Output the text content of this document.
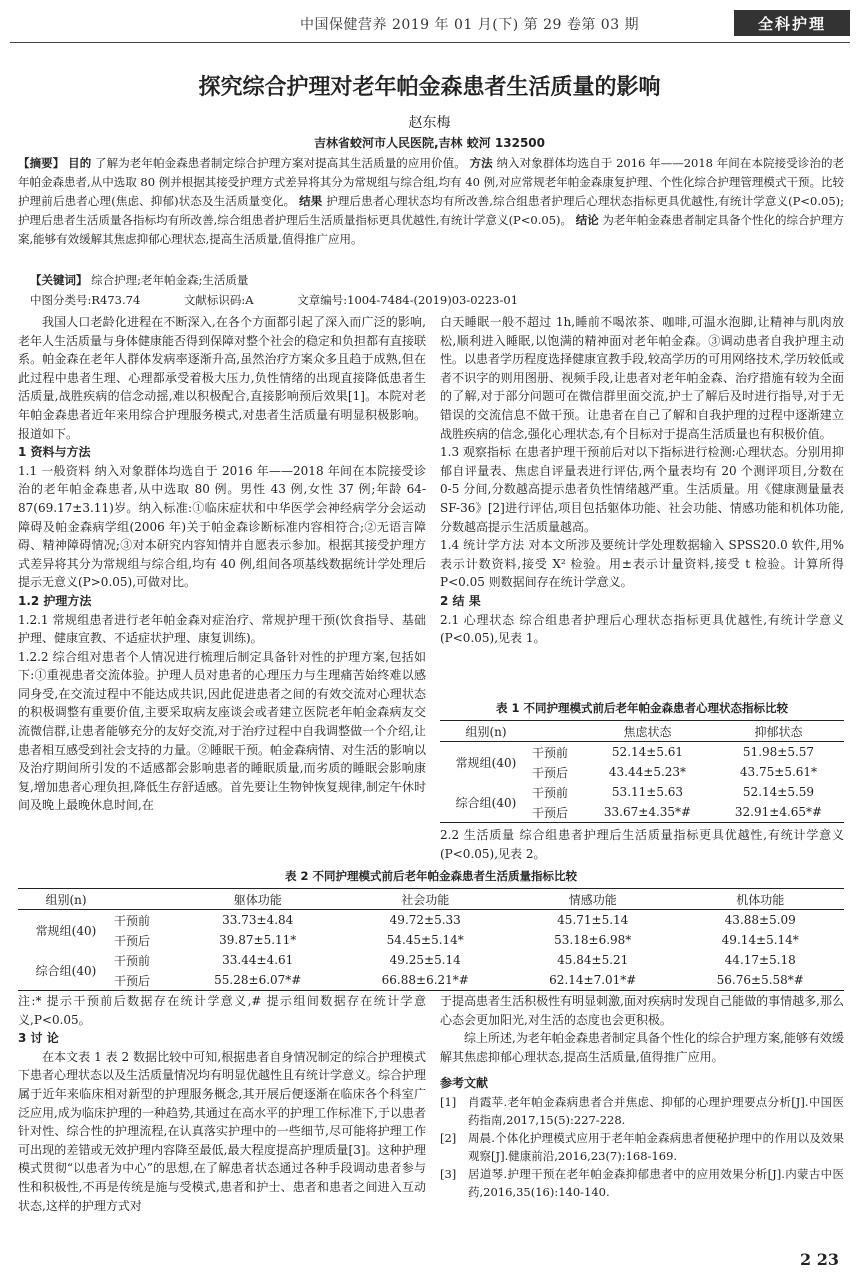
中国保健营养 2019 年 01 月(下) 第 29 卷第 03 期	全科护理
探究综合护理对老年帕金森患者生活质量的影响
赵东梅
吉林省蛟河市人民医院,吉林 蛟河 132500
【摘要】 目的 了解为老年帕金森患者制定综合护理方案对提高其生活质量的应用价值。 方法 纳入对象群体均选自于 2016 年——2018 年间在本院接受诊治的老年帕金森患者,从中选取 80 例并根据其接受护理方式差异将其分为常规组与综合组,均有 40 例,对应常规老年帕金森康复护理、个性化综合护理管理模式干预。比较护理前后患者心理(焦虑、抑郁)状态及生活质量变化。 结果 护理后患者心理状态均有所改善,综合组患者护理后心理状态指标更具优越性,有统计学意义(P<0.05);护理后患者生活质量各指标均有所改善,综合组患者护理后生活质量指标更具优越性,有统计学意义(P<0.05)。 结论 为老年帕金森患者制定具备个性化的综合护理方案,能够有效缓解其焦虑抑郁心理状态,提高生活质量,值得推广应用。
【关键词】 综合护理;老年帕金森;生活质量
中图分类号:R473.74	文献标识码:A	文章编号:1004-7484-(2019)03-0223-01

我国人口老龄化进程在不断深入,在各个方面都引起了深入而广泛的影响,老年人生活质量与身体健康能否得到保障对整个社会的稳定和负担都有直接联系。帕金森在老年人群体发病率逐渐升高,虽然治疗方案众多且趋于成熟,但在此过程中患者生理、心理都承受着极大压力,负性情绪的出现直接降低患者生活质量,战胜疾病的信念动摇,难以积极配合,直接影响预后效果[1]。本院对老年帕金森患者近年来用综合护理服务模式,对患者生活质量有明显积极影响。报道如下。

1 资料与方法

1.1 一般资料 纳入对象群体均选自于 2016 年——2018 年间在本院接受诊治的老年帕金森患者,从中选取 80 例。男性 43 例,女性 37 例;年龄 64-87(69.17±3.11)岁。纳入标准:①临床症状和中华医学会神经病学分会运动障碍及帕金森病学组(2006 年)关于帕金森诊断标准内容相符合;②无语言障碍、精神障碍情况;③对本研究内容知情并自愿表示参加。根据其接受护理方式差异将其分为常规组与综合组,均有 40 例,组间各项基线数据统计学处理后提示无意义(P>0.05),可做对比。

1.2 护理方法

1.2.1 常规组患者进行老年帕金森对症治疗、常规护理干预(饮食指导、基础护理、健康宣教、不适症状护理、康复训练)。

1.2.2 综合组对患者个人情况进行梳理后制定具备针对性的护理方案,包括如下:①重视患者交流体验。护理人员对患者的心理压力与生理痛苦始终难以感同身受,在交流过程中不能达成共识,因此促进患者之间的有效交流对心理状态的积极调整有重要价值,主要采取病友座谈会或者建立医院老年帕金森病友交流微信群,让患者能够充分的友好交流,对于治疗过程中自我调整做一个介绍,让患者相互感受到社会支持的力量。②睡眠干预。帕金森病情、对生活的影响以及治疗期间所引发的不适感都会影响患者的睡眠质量,而劣质的睡眠会影响康复,增加患者心理负担,降低生存舒适感。首先要让生物钟恢复规律,制定午休时间及晚上最晚休息时间,在

白天睡眠一般不超过 1h,睡前不喝浓茶、咖啡,可温水泡脚,让精神与肌肉放松,顺利进入睡眠,以饱满的精神面对老年帕金森。③调动患者自我护理主动性。以患者学历程度选择健康宣教手段,较高学历的可用网络技术,学历较低或者不识字的则用图册、视频手段,让患者对老年帕金森、治疗措施有较为全面的了解,对于部分问题可在微信群里面交流,护士了解后及时进行指导,对于无错误的交流信息不做干预。让患者在自己了解和自我护理的过程中逐渐建立战胜疾病的信念,强化心理状态,有个目标对于提高生活质量也有积极价值。

1.3 观察指标 在患者护理干预前后对以下指标进行检测:心理状态。分别用抑郁自评量表、焦虑自评量表进行评估,两个量表均有 20 个测评项目,分数在 0-5 分间,分数越高提示患者负性情绪越严重。生活质量。用《健康测量量表 SF-36》[2]进行评估,项目包括躯体功能、社会功能、情感功能和机体功能,分数越高提示生活质量越高。

1.4 统计学方法 对本文所涉及要统计学处理数据输入 SPSS20.0 软件,用%表示计数资料,接受 X² 检验。用±表示计量资料,接受 t 检验。计算所得 P<0.05 则数据间存在统计学意义。

2 结 果

2.1 心理状态 综合组患者护理后心理状态指标更具优越性,有统计学意义(P<0.05),见表 1。

表 1 不同护理模式前后老年帕金森患者心理状态指标比较
组别(n)		焦虑状态	抑郁状态
常规组(40)	干预前	52.14±5.61	51.98±5.57
	干预后	43.44±5.23*	43.75±5.61*
综合组(40)	干预前	53.11±5.63	52.14±5.59
	干预后	33.67±4.35*#	32.91±4.65*#
2.2 生活质量 综合组患者护理后生活质量指标更具优越性,有统计学意义(P<0.05),见表 2。
表 2 不同护理模式前后老年帕金森患者生活质量指标比较
组别(n)		躯体功能	社会功能	情感功能	机体功能
常规组(40)	干预前	33.73±4.84	49.72±5.33	45.71±5.14	43.88±5.09
	干预后	39.87±5.11*	54.45±5.14*	53.18±6.98*	49.14±5.14*
综合组(40)	干预前	33.44±4.61	49.25±5.14	45.84±5.21	44.17±5.18
	干预后	55.28±6.07*#	66.88±6.21*#	62.14±7.01*#	56.76±5.58*#

注:* 提示干预前后数据存在统计学意义,# 提示组间数据存在统计学意义,P<0.05。

3 讨 论

在本文表 1 表 2 数据比较中可知,根据患者自身情况制定的综合护理模式下患者心理状态以及生活质量情况均有明显优越性且有统计学意义。综合护理属于近年来临床相对新型的护理服务概念,其开展后便逐渐在临床各个科室广泛应用,成为临床护理的一种趋势,其通过在高水平的护理工作标准下,于以患者针对性、综合性的护理流程,在认真落实护理中的一些细节,尽可能将护理工作可出现的差错或无效护理内容降至最低,最大程度提高护理质量[3]。这种护理模式贯彻“以患者为中心”的思想,在了解患者状态通过各种手段调动患者参与性和积极性,不再是传统是施与受模式,患者和护士、患者和患者之间进入互动状态,这样的护理方式对

于提高患者生活积极性有明显刺激,面对疾病时发现自己能做的事情越多,那么心态会更加阳光,对生活的态度也会更积极。

综上所述,为老年帕金森患者制定具备个性化的综合护理方案,能够有效缓解其焦虑抑郁心理状态,提高生活质量,值得推广应用。

参考文献
[1]	肖霞苹.老年帕金森病患者合并焦虑、抑郁的心理护理要点分析[J].中国医药指南,2017,15(5):227-228.
[2]	周晨.个体化护理模式应用于老年帕金森病患者便秘护理中的作用以及效果观察[J].健康前沿,2016,23(7):168-169.
[3]	居道琴.护理干预在老年帕金森抑郁患者中的应用效果分析[J].内蒙古中医药,2016,35(16):140-140.
2 23
